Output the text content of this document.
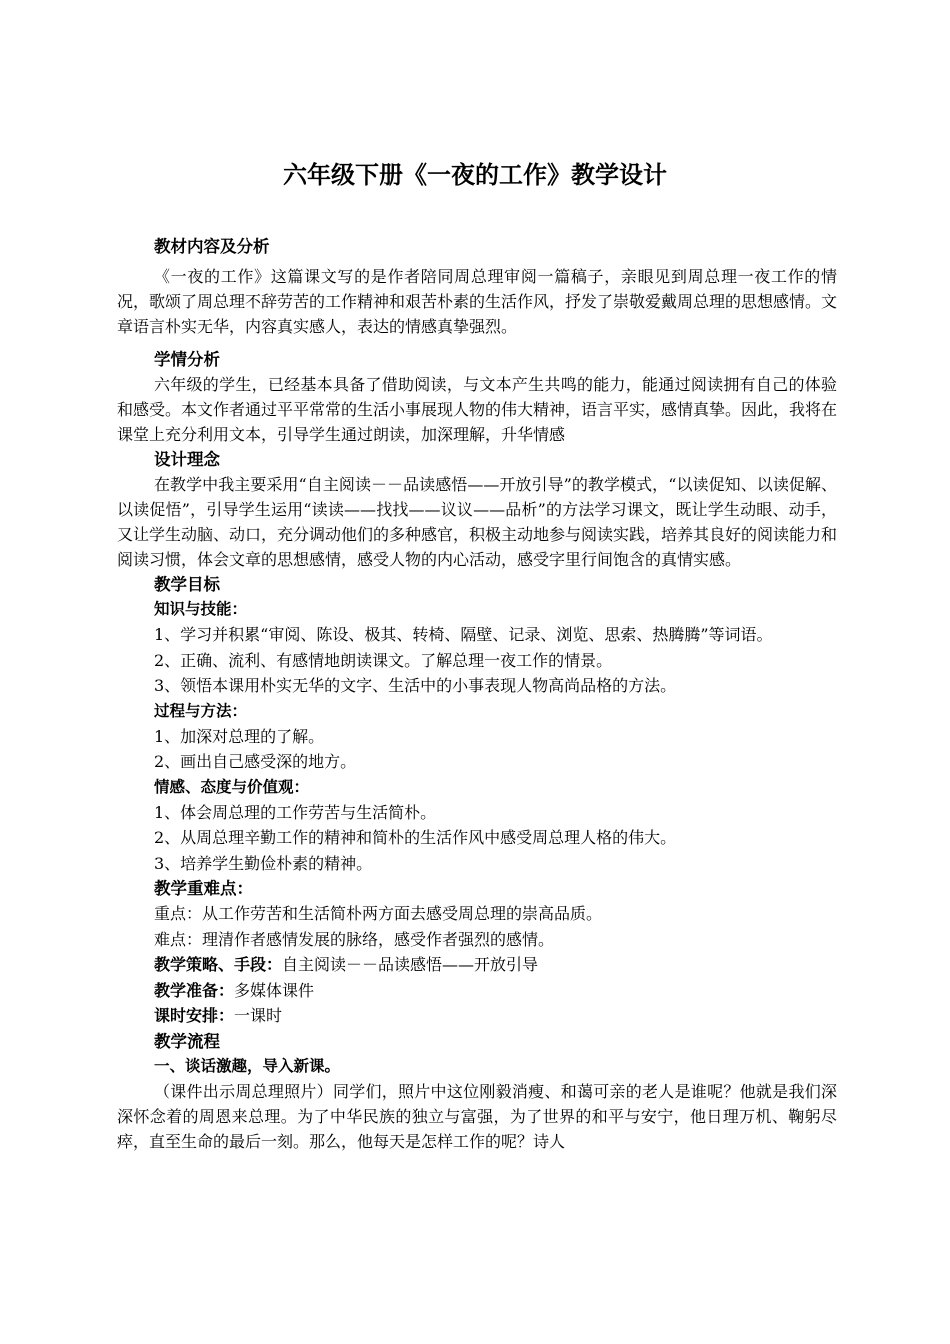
六年级下册《一夜的工作》教学设计
教材内容及分析

《一夜的工作》这篇课文写的是作者陪同周总理审阅一篇稿子，亲眼见到周总理一夜工作的情况，歌颂了周总理不辞劳苦的工作精神和艰苦朴素的生活作风，抒发了崇敬爱戴周总理的思想感情。文章语言朴实无华，内容真实感人，表达的情感真挚强烈。

学情分析

六年级的学生，已经基本具备了借助阅读，与文本产生共鸣的能力，能通过阅读拥有自己的体验和感受。本文作者通过平平常常的生活小事展现人物的伟大精神，语言平实，感情真挚。因此，我将在课堂上充分利用文本，引导学生通过朗读，加深理解，升华情感

设计理念

在教学中我主要采用“自主阅读－－品读感悟——开放引导”的教学模式，“以读促知、以读促解、以读促悟”，引导学生运用“读读——找找——议议——品析”的方法学习课文，既让学生动眼、动手，又让学生动脑、动口，充分调动他们的多种感官，积极主动地参与阅读实践，培养其良好的阅读能力和阅读习惯，体会文章的思想感情，感受人物的内心活动，感受字里行间饱含的真情实感。

教学目标
知识与技能：
1、学习并积累“审阅、陈设、极其、转椅、隔壁、记录、浏览、思索、热腾腾”等词语。
2、正确、流利、有感情地朗读课文。了解总理一夜工作的情景。
3、领悟本课用朴实无华的文字、生活中的小事表现人物高尚品格的方法。
过程与方法：
1、加深对总理的了解。
2、画出自己感受深的地方。
情感、态度与价值观：
1、体会周总理的工作劳苦与生活简朴。
2、从周总理辛勤工作的精神和简朴的生活作风中感受周总理人格的伟大。
3、培养学生勤俭朴素的精神。
教学重难点：
重点：从工作劳苦和生活简朴两方面去感受周总理的崇高品质。
难点：理清作者感情发展的脉络，感受作者强烈的感情。
教学策略、手段：自主阅读－－品读感悟——开放引导
教学准备：多媒体课件
课时安排：一课时
教学流程
一、谈话激趣，导入新课。

（课件出示周总理照片）同学们，照片中这位刚毅消瘦、和蔼可亲的老人是谁呢？他就是我们深深怀念着的周恩来总理。为了中华民族的独立与富强，为了世界的和平与安宁，他日理万机、鞠躬尽瘁，直至生命的最后一刻。那么，他每天是怎样工作的呢？诗人
